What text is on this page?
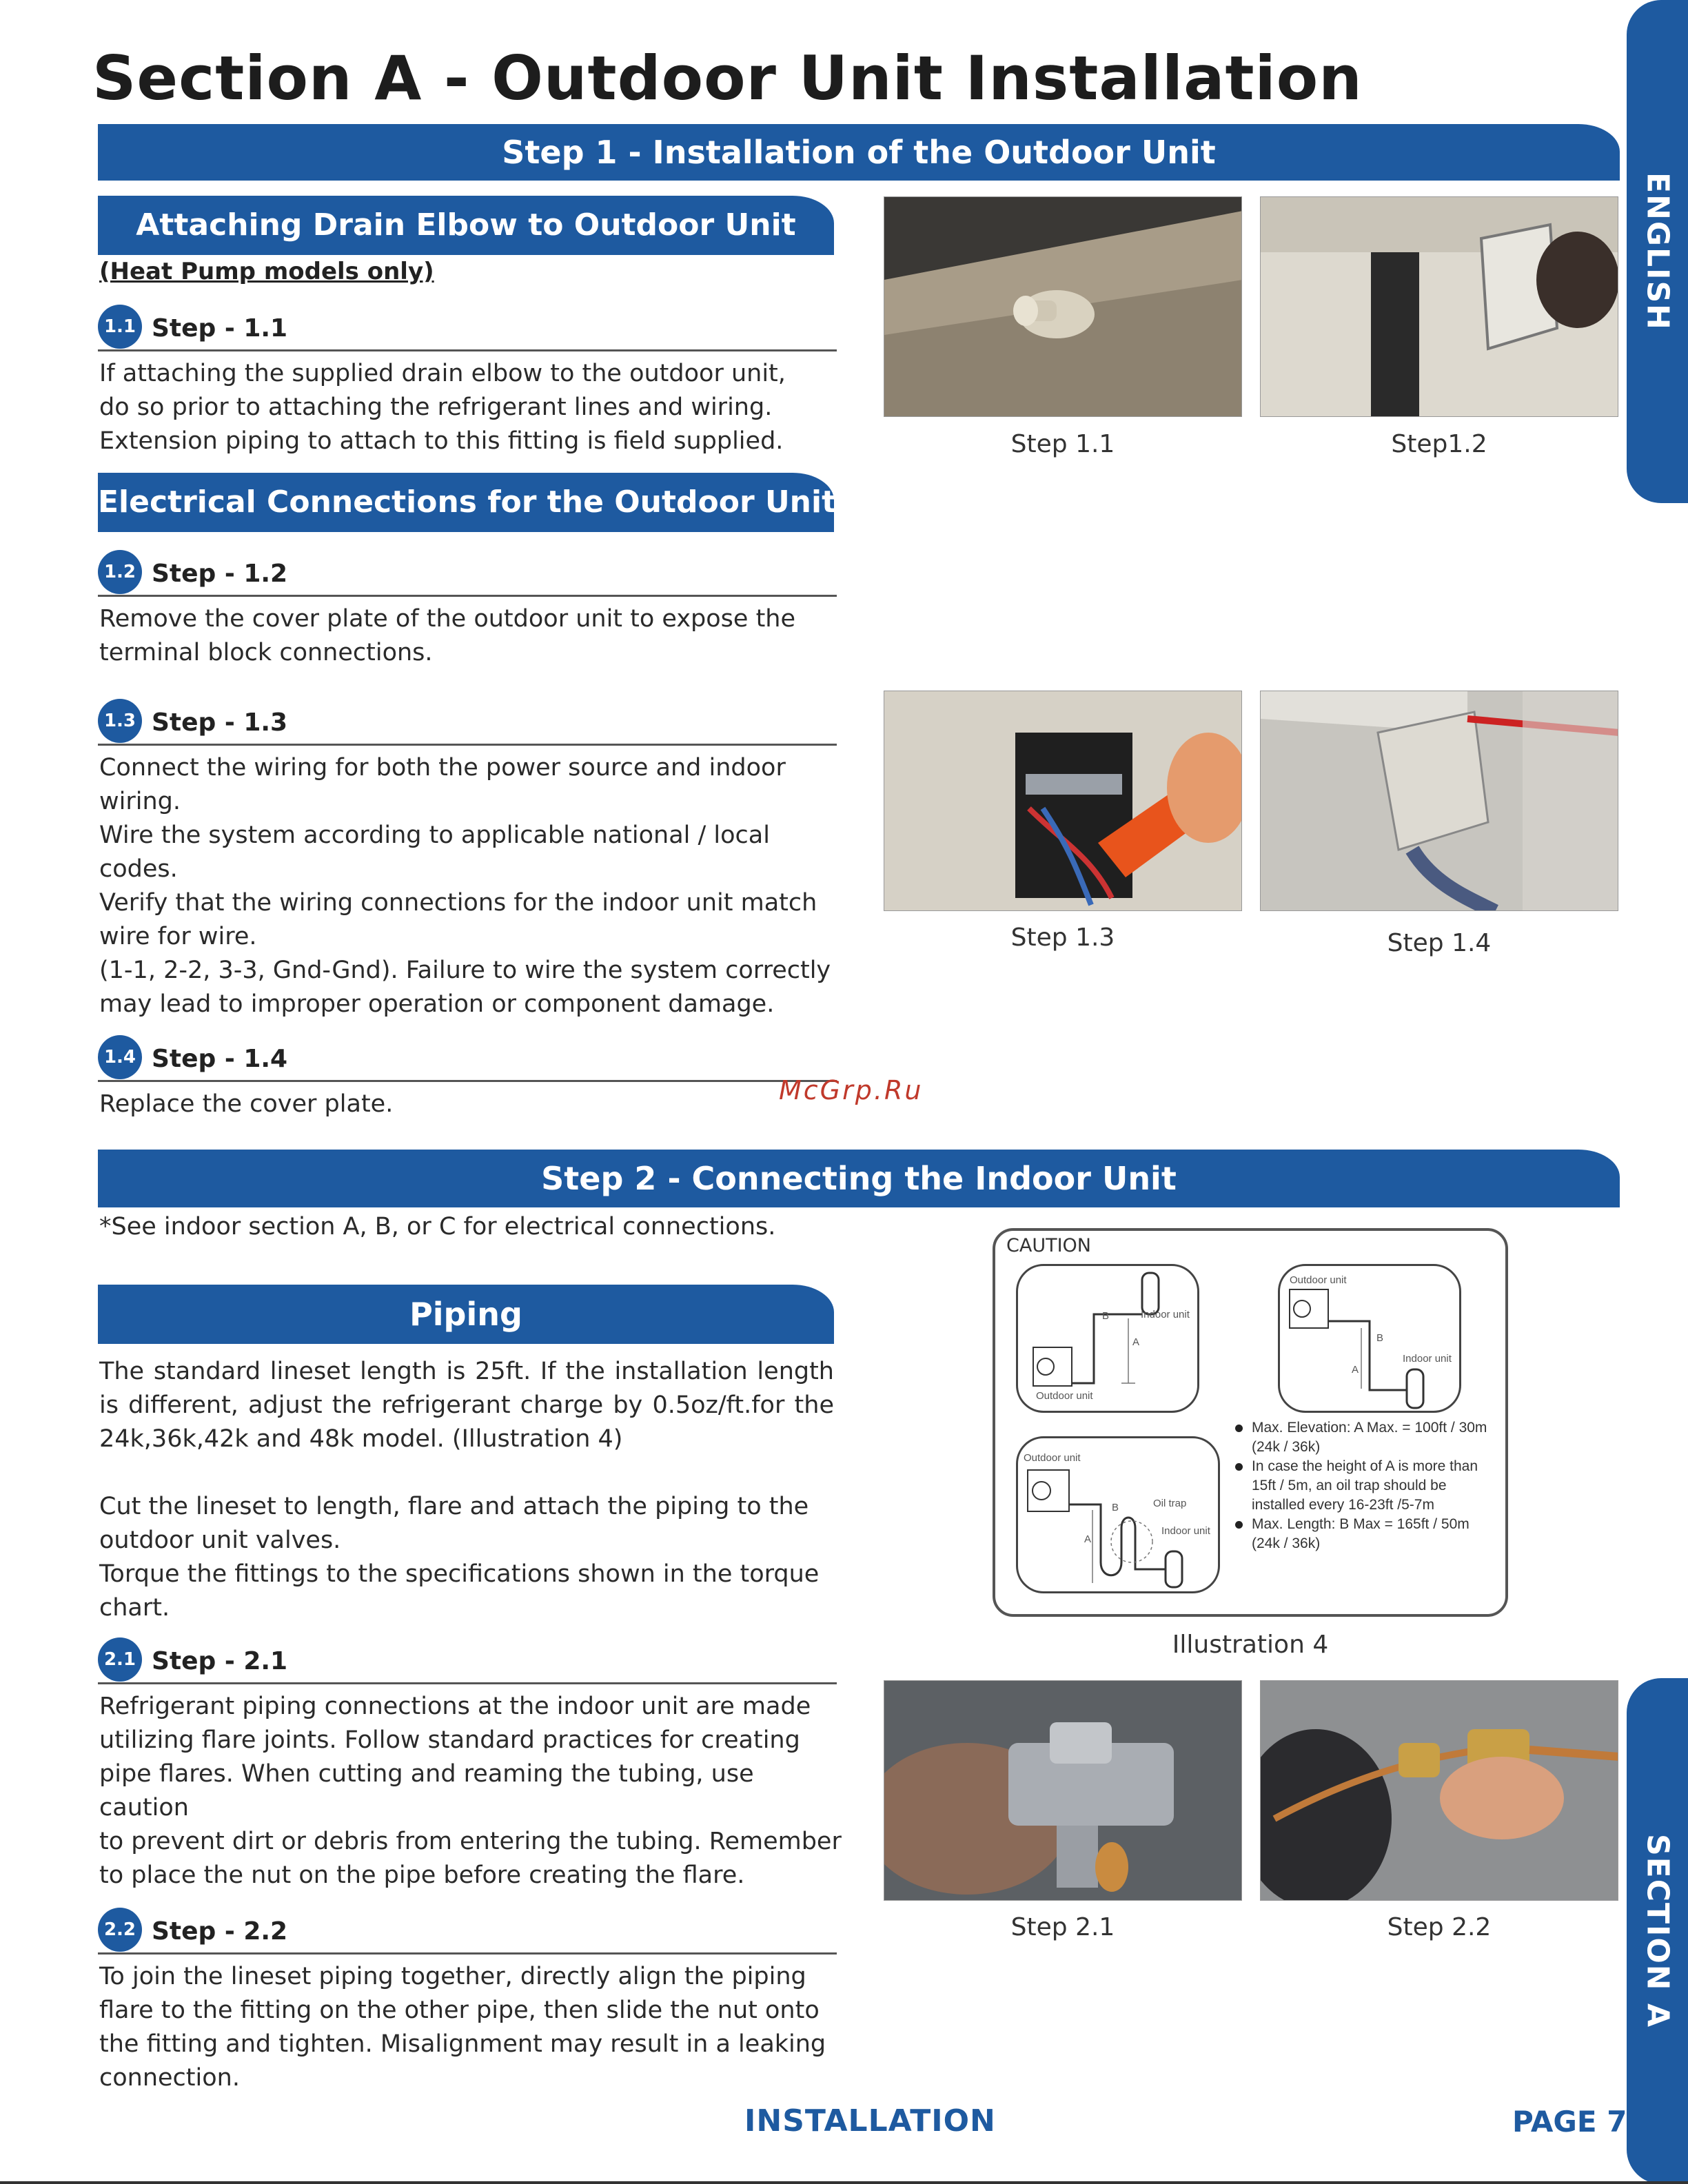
Section A - Outdoor Unit Installation
ENGLISH
SECTION A
Step 1 - Installation of the Outdoor Unit
Attaching Drain Elbow to Outdoor Unit
(Heat Pump models only)
1.1 Step - 1.1

If attaching the supplied drain elbow to the outdoor unit,

do so prior to attaching the refrigerant lines and wiring.

Extension piping to attach to this fitting is field supplied.

Electrical Connections for the Outdoor Unit
1.2 Step - 1.2

Remove the cover plate of the outdoor unit to expose the

terminal block connections.

1.3 Step - 1.3

Connect the wiring for both the power source and indoor

wiring.

Wire the system according to applicable national / local

codes.

Verify that the wiring connections for the indoor unit match

wire for wire.

(1-1, 2-2, 3-3, Gnd-Gnd). Failure to wire the system correctly

may lead to improper operation or component damage.

1.4 Step - 1.4

Replace the cover plate.	McGrp.Ru
Step 1.1	Step1.2
Step 1.3	Step 1.4
Step 2 - Connecting the Indoor Unit
*See indoor section A, B, or C for electrical connections.
Piping
The standard lineset length is 25ft. If the installation length is different, adjust the refrigerant charge by 0.5oz/ft.for the 24k,36k,42k and 48k model. (Illustration 4)

Cut the lineset to length, flare and attach the piping to the

outdoor unit valves.

Torque the fittings to the specifications shown in the torque

chart.

2.1 Step - 2.1

Refrigerant piping connections at the indoor unit are made

utilizing flare joints. Follow standard practices for creating

pipe flares. When cutting and reaming the tubing, use caution

to prevent dirt or debris from entering the tubing. Remember

to place the nut on the pipe before creating the flare.

2.2 Step - 2.2

To join the lineset piping together, directly align the piping

flare to the fitting on the other pipe, then slide the nut onto

the fitting and tighten. Misalignment may result in a leaking

connection.

CAUTION
Indoor unit
B
A
Outdoor unit
Outdoor unit
B
A
Indoor unit
Outdoor unit
B
A
Oil trap
Indoor unit
Max. Elevation: A Max. = 100ft / 30m (24k / 36k)
In case the height of A is more than 15ft / 5m, an oil trap should be installed every 16-23ft /5-7m
Max. Length: B Max = 165ft / 50m (24k / 36k)
Illustration 4
Step 2.1	Step 2.2
INSTALLATION	PAGE 7
